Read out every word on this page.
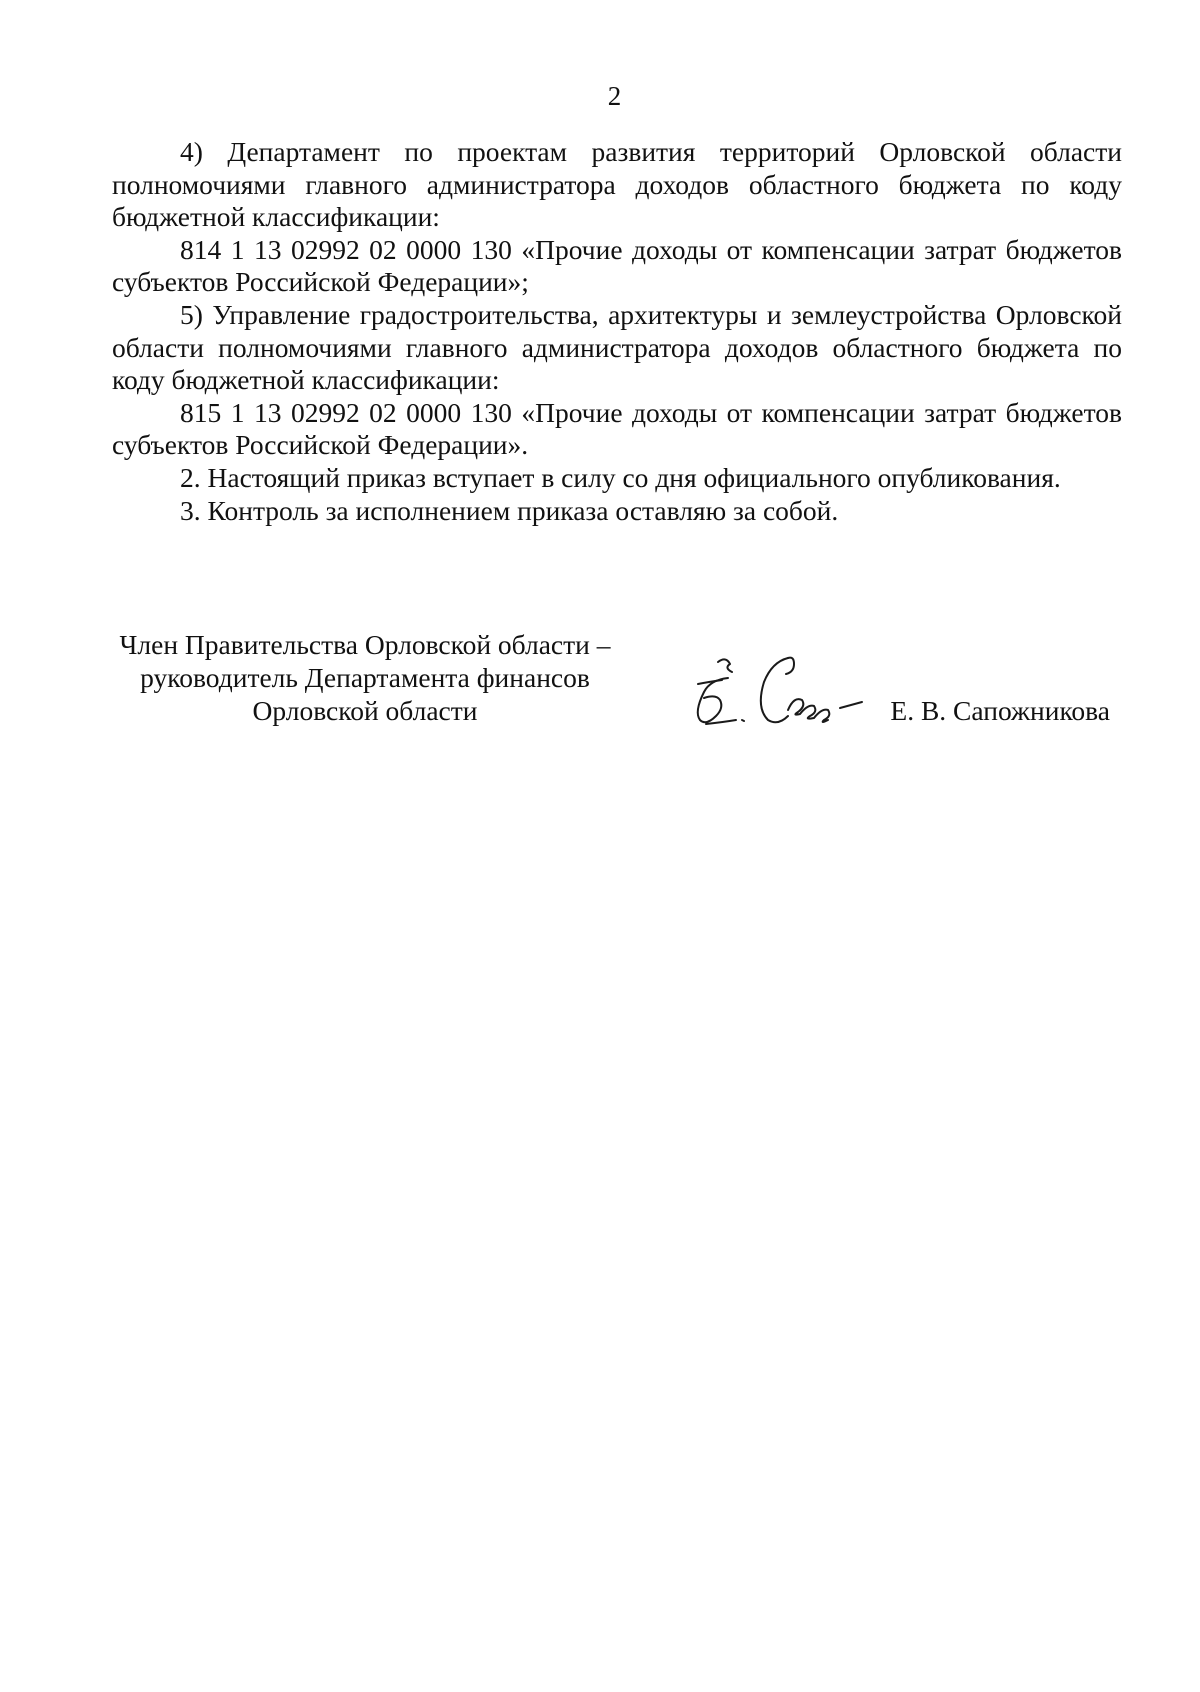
2

4) Департамент по проектам развития территорий Орловской области полномочиями главного администратора доходов областного бюджета по коду бюджетной классификации:

814 1 13 02992 02 0000 130 «Прочие доходы от компенсации затрат бюджетов субъектов Российской Федерации»;

5) Управление градостроительства, архитектуры и землеустройства Орловской области полномочиями главного администратора доходов областного бюджета по коду бюджетной классификации:

815 1 13 02992 02 0000 130 «Прочие доходы от компенсации затрат бюджетов субъектов Российской Федерации».

2. Настоящий приказ вступает в силу со дня официального опубликования.

3. Контроль за исполнением приказа оставляю за собой.

Член Правительства Орловской области –
руководитель Департамента финансов
Орловской области	Е. В. Сапожникова
